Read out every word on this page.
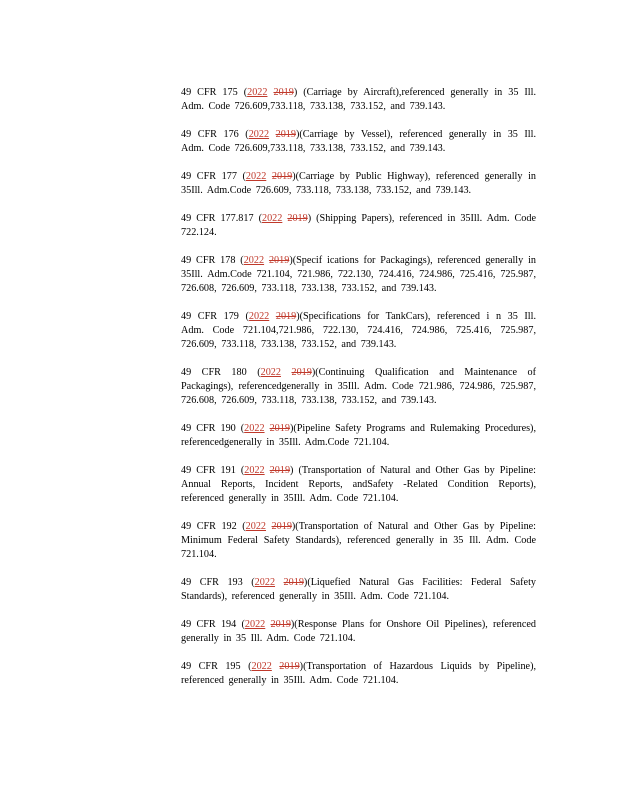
49 CFR 175 (2022 2019) (Carriage by Aircraft),referenced generally in 35 Ill. Adm. Code 726.609,733.118, 733.138, 733.152, and 739.143.

49 CFR 176 (2022 2019)(Carriage by Vessel), referenced generally in 35 Ill. Adm. Code 726.609,733.118, 733.138, 733.152, and 739.143.

49 CFR 177 (2022 2019)(Carriage by Public Highway), referenced generally in 35Ill. Adm.Code 726.609, 733.118, 733.138, 733.152, and 739.143.

49 CFR 177.817 (2022 2019) (Shipping Papers), referenced in 35Ill. Adm. Code 722.124.

49 CFR 178 (2022 2019)(Specif ications for Packagings), referenced generally in 35Ill. Adm.Code 721.104, 721.986, 722.130, 724.416, 724.986, 725.416, 725.987, 726.608, 726.609, 733.118, 733.138, 733.152, and 739.143.

49 CFR 179 (2022 2019)(Specifications for TankCars), referenced i n 35 Ill. Adm. Code 721.104,721.986, 722.130, 724.416, 724.986, 725.416, 725.987, 726.609, 733.118, 733.138, 733.152, and 739.143.

49 CFR 180 (2022 2019)(Continuing Qualification and Maintenance of Packagings), referencedgenerally in 35Ill. Adm. Code 721.986, 724.986, 725.987, 726.608, 726.609, 733.118, 733.138, 733.152, and 739.143.

49 CFR 190 (2022 2019)(Pipeline Safety Programs and Rulemaking Procedures), referencedgenerally in 35Ill. Adm.Code 721.104.

49 CFR 191 (2022 2019) (Transportation of Natural and Other Gas by Pipeline: Annual Reports, Incident Reports, andSafety -Related Condition Reports), referenced generally in 35Ill. Adm. Code 721.104.

49 CFR 192 (2022 2019)(Transportation of Natural and Other Gas by Pipeline: Minimum Federal Safety Standards), referenced generally in 35 Ill. Adm. Code 721.104.

49 CFR 193 (2022 2019)(Liquefied Natural Gas Facilities: Federal Safety Standards), referenced generally in 35Ill. Adm. Code 721.104.

49 CFR 194 (2022 2019)(Response Plans for Onshore Oil Pipelines), referenced generally in 35 Ill. Adm. Code 721.104.

49 CFR 195 (2022 2019)(Transportation of Hazardous Liquids by Pipeline), referenced generally in 35Ill. Adm. Code 721.104.
